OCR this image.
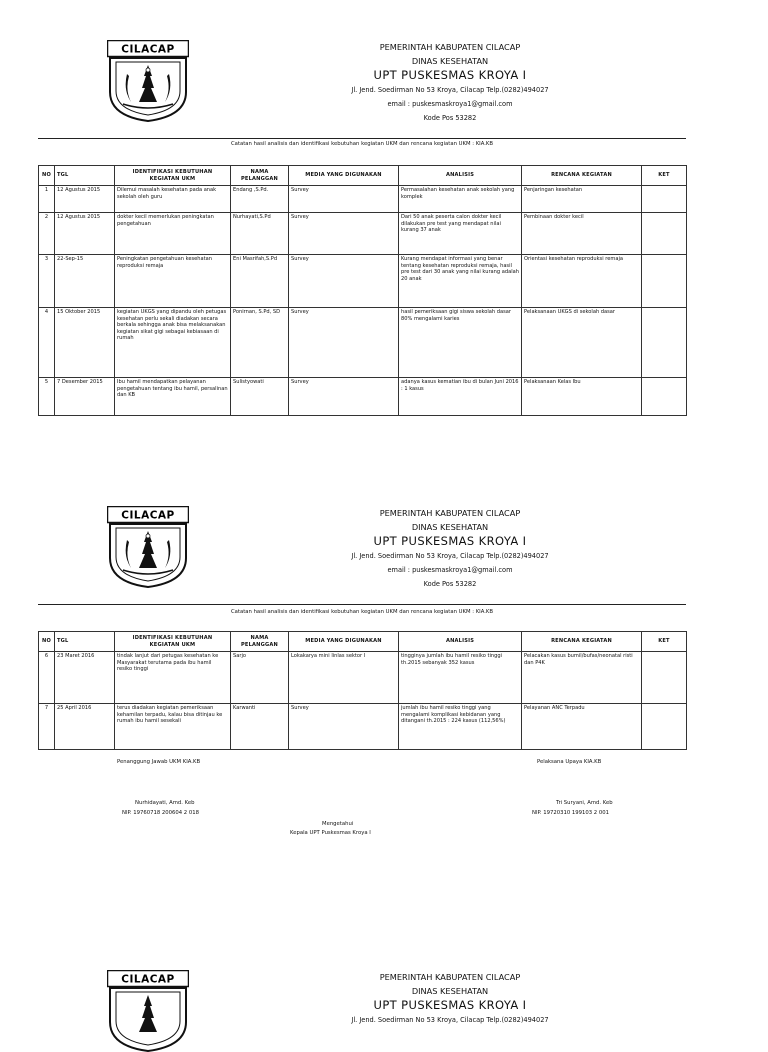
CILACAP	PEMERINTAH KABUPATEN CILACAP
DINAS KESEHATAN
UPT PUSKESMAS KROYA I
Jl. Jend. Soedirman No 53 Kroya, Cilacap Telp.(0282)494027
email : puskesmaskroya1@gmail.com
Kode Pos 53282
Catatan hasil analisis dan identifikasi kebutuhan kegiatan UKM dan rencana kegiatan UKM : KIA.KB
NO	TGL	IDENTIFIKASI KEBUTUHAN KEGIATAN UKM	NAMA PELANGGAN	MEDIA YANG DIGUNAKAN	ANALISIS	RENCANA KEGIATAN	KET
1	12 Agustus 2015	Dilemui masalah kesehatan pada anak sekolah oleh guru	Endang ,S.Pd.	Survey	Permasalahan kesehatan anak sekolah yang komplek	Penjaringan kesehatan	
2	12 Agustus 2015	dokter kecil memerlukan peningkatan pengetahuan	Nurhayati,S.Pd	Survey	Dari 50 anak peserta calon dokter kecil dilakukan pre test yang mendapat nilai kurang 37 anak	Pembinaan dokter kecil	
3	22-Sep-15	Peningkatan pengetahuan kesehatan reproduksi remaja	Eni Masrifah,S.Pd	Survey	Kurang mendapat informasi yang benar tentang kesehatan reproduksi remaja, hasil pre test dari 30 anak yang nilai kurang adalah 20 anak	Orientasi kesehatan reproduksi remaja	
4	15 Oktober 2015	kegiatan UKGS yang dipandu oleh petugas kesehatan perlu sekali diadakan secara berkala sehingga anak bisa melaksanakan kegiatan sikat gigi sebagai kebiasaan di rumah	Ponirnan, S.Pd, SD	Survey	hasil pemeriksaan gigi siswa sekolah dasar 80% mengalami karies	Pelaksanaan UKGS di sekolah dasar	
5	7 Desember 2015	Ibu hamil mendapatkan pelayanan pengetahuan tentang ibu hamil, persalinan dan KB	Sulistyowati	Survey	adanya kasus kematian ibu di bulan Juni 2016 : 1 kasus	Pelaksanaan Kelas Ibu	
CILACAP	PEMERINTAH KABUPATEN CILACAP
DINAS KESEHATAN
UPT PUSKESMAS KROYA I
Jl. Jend. Soedirman No 53 Kroya, Cilacap Telp.(0282)494027
email : puskesmaskroya1@gmail.com
Kode Pos 53282
Catatan hasil analisis dan identifikasi kebutuhan kegiatan UKM dan rencana kegiatan UKM : KIA.KB
NO	TGL	IDENTIFIKASI KEBUTUHAN KEGIATAN UKM	NAMA PELANGGAN	MEDIA YANG DIGUNAKAN	ANALISIS	RENCANA KEGIATAN	KET
6	23 Maret 2016	tindak lanjut dari petugas kesehatan ke Masyarakat terutama pada ibu hamil resiko tinggi	Sarjo	Lokakarya mini linlas sektor I	tingginya jumlah ibu hamil resiko tinggi th.2015 sebanyak 352 kasus	Pelacakan kasus bumil/bufas/neonatal risti dan P4K	
7	25 April 2016	terus diadakan kegiatan pemeriksaan kehamilan terpadu, kalau bisa ditinjau ke rumah ibu hamil sesekali	Karwanti	Survey	jumlah ibu hamil resiko tinggi yang mengalami komplikasi kebidanan yang ditangani th.2015 : 224 kasus (112,56%)	Pelayanan ANC Terpadu	
Penanggung Jawab UKM KIA.KB	Pelaksana Upaya KIA.KB
Nurhidayati, Amd. Keb
NIP. 19760718 200604 2 018
Tri Suryani, Amd. Keb
NIP. 19720310 199103 2 001
Mengetahui
Kepala UPT Puskesmas Kroya I
CILACAP	PEMERINTAH KABUPATEN CILACAP
DINAS KESEHATAN
UPT PUSKESMAS KROYA I
Jl. Jend. Soedirman No 53 Kroya, Cilacap Telp.(0282)494027
